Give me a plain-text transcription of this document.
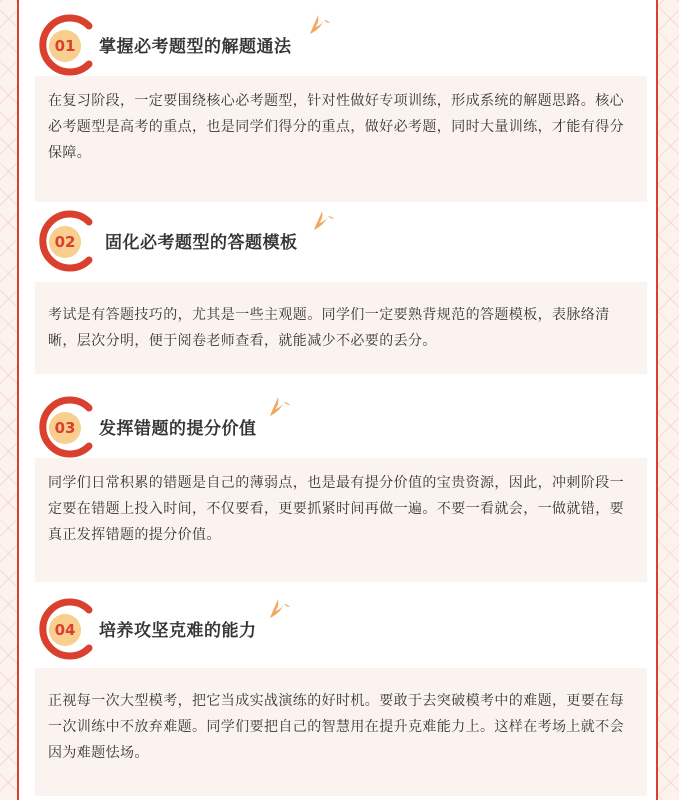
01	掌握必考题型的解题通法
在复习阶段，一定要围绕核心必考题型，针对性做好专项训练，形成系统的解题思路。核心必考题型是高考的重点，也是同学们得分的重点，做好必考题，同时大量训练，才能有得分保障。
02	固化必考题型的答题模板
考试是有答题技巧的，尤其是一些主观题。同学们一定要熟背规范的答题模板，表脉络清晰，层次分明，便于阅卷老师查看，就能减少不必要的丢分。
03	发挥错题的提分价值
同学们日常积累的错题是自己的薄弱点，也是最有提分价值的宝贵资源，因此，冲刺阶段一定要在错题上投入时间，不仅要看，更要抓紧时间再做一遍。不要一看就会，一做就错，要真正发挥错题的提分价值。
04	培养攻坚克难的能力
正视每一次大型模考，把它当成实战演练的好时机。要敢于去突破模考中的难题，更要在每一次训练中不放弃难题。同学们要把自己的智慧用在提升克难能力上。这样在考场上就不会因为难题怯场。
